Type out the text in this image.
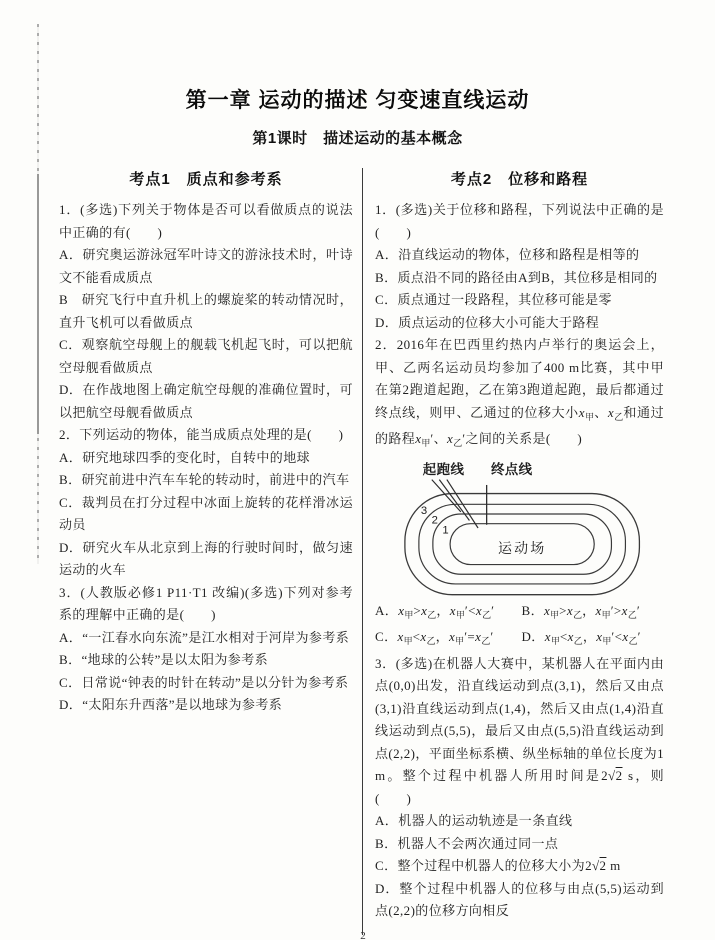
第一章 运动的描述 匀变速直线运动
第1课时　描述运动的基本概念
考点1　质点和参考系

1．(多选)下列关于物体是否可以看做质点的说法中正确的有(　　)

A．研究奥运游泳冠军叶诗文的游泳技术时，叶诗文不能看成质点

B　研究飞行中直升机上的螺旋桨的转动情况时，直升飞机可以看做质点

C．观察航空母舰上的舰载飞机起飞时，可以把航空母舰看做质点

D．在作战地图上确定航空母舰的准确位置时，可以把航空母舰看做质点

2．下列运动的物体，能当成质点处理的是(　　)

A．研究地球四季的变化时，自转中的地球

B．研究前进中汽车车轮的转动时，前进中的汽车

C．裁判员在打分过程中冰面上旋转的花样滑冰运动员

D．研究火车从北京到上海的行驶时间时，做匀速运动的火车

3．(人教版必修1 P11·T1 改编)(多选)下列对参考系的理解中正确的是(　　)

A．“一江春水向东流”是江水相对于河岸为参考系

B．“地球的公转”是以太阳为参考系

C．日常说“钟表的时针在转动”是以分针为参考系

D．“太阳东升西落”是以地球为参考系

考点2　位移和路程

1．(多选)关于位移和路程，下列说法中正确的是(　　)

A．沿直线运动的物体，位移和路程是相等的

B．质点沿不同的路径由A到B，其位移是相同的

C．质点通过一段路程，其位移可能是零

D．质点运动的位移大小可能大于路程

2．2016年在巴西里约热内卢举行的奥运会上，甲、乙两名运动员均参加了400 m比赛，其中甲在第2跑道起跑，乙在第3跑道起跑，最后都通过终点线，则甲、乙通过的位移大小$x_甲$、$x_乙$和通过的路程$x_甲'$、$x_乙'$之间的关系是(　　)

起跑线 终点线
3
2
1
运动场
A．$x_甲>x_乙$，$x_甲'<x_乙'$	B．$x_甲>x_乙$，$x_甲'>x_乙'$
C．$x_甲<x_乙$，$x_甲'=x_乙'$	D．$x_甲<x_乙$，$x_甲'<x_乙'$

3．(多选)在机器人大赛中，某机器人在平面内由点(0,0)出发，沿直线运动到点(3,1)，然后又由点(3,1)沿直线运动到点(1,4)，然后又由点(1,4)沿直线运动到点(5,5)，最后又由点(5,5)沿直线运动到点(2,2)，平面坐标系横、纵坐标轴的单位长度为1 m。整个过程中机器人所用时间是2√2 s，则(　　)

A．机器人的运动轨迹是一条直线

B．机器人不会两次通过同一点

C．整个过程中机器人的位移大小为2√2 m

D．整个过程中机器人的位移与由点(5,5)运动到点(2,2)的位移方向相反

2
